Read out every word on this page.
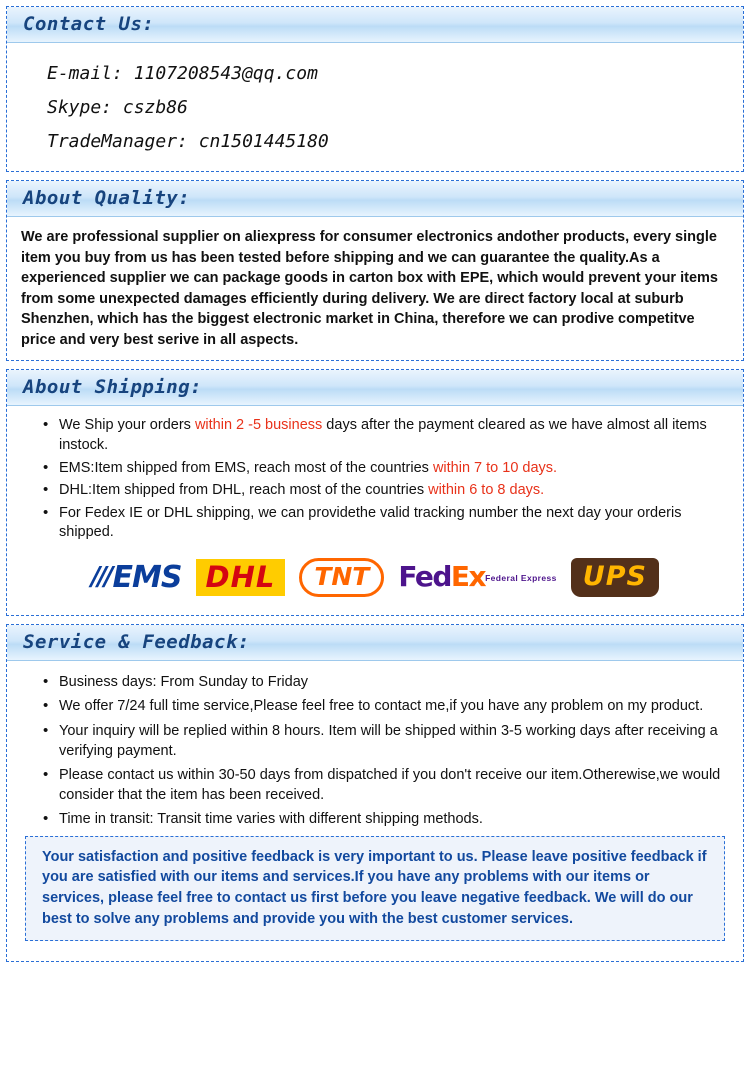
Contact Us:
E-mail: 1107208543@qq.com
Skype: cszb86
TradeManager: cn1501445180
About Quality:

We are professional supplier on aliexpress for consumer electronics andother products, every single item you buy from us has been tested before shipping and we can guarantee the quality.As a experienced supplier we can package goods in carton box with EPE, which would prevent your items from some unexpected damages efficiently during delivery. We are direct factory local at suburb Shenzhen, which has the biggest electronic market in China, therefore we can prodive competitve price and very best serive in all aspects.

About Shipping:
• We Ship your orders within 2 -5 business days after the payment cleared as we have almost all items instock.
• EMS:Item shipped from EMS, reach most of the countries within 7 to 10 days.
• DHL:Item shipped from DHL, reach most of the countries within 6 to 8 days.
• For Fedex IE or DHL shipping, we can providethe valid tracking number the next day your orderis shipped.
/// EMS DHL	TNT	FedEx Federal Express UPS
Service & Feedback:
• Business days: From Sunday to Friday
• We offer 7/24 full time service,Please feel free to contact me,if you have any problem on my product.
• Your inquiry will be replied within 8 hours. Item will be shipped within 3-5 working days after receiving a verifying payment.
• Please contact us within 30-50 days from dispatched if you don't receive our item.Otherewise,we would consider that the item has been received.
• Time in transit: Transit time varies with different shipping methods.

Your satisfaction and positive feedback is very important to us. Please leave positive feedback if you are satisfied with our items and services.If you have any problems with our items or services, please feel free to contact us first before you leave negative feedback. We will do our best to solve any problems and provide you with the best customer services.
